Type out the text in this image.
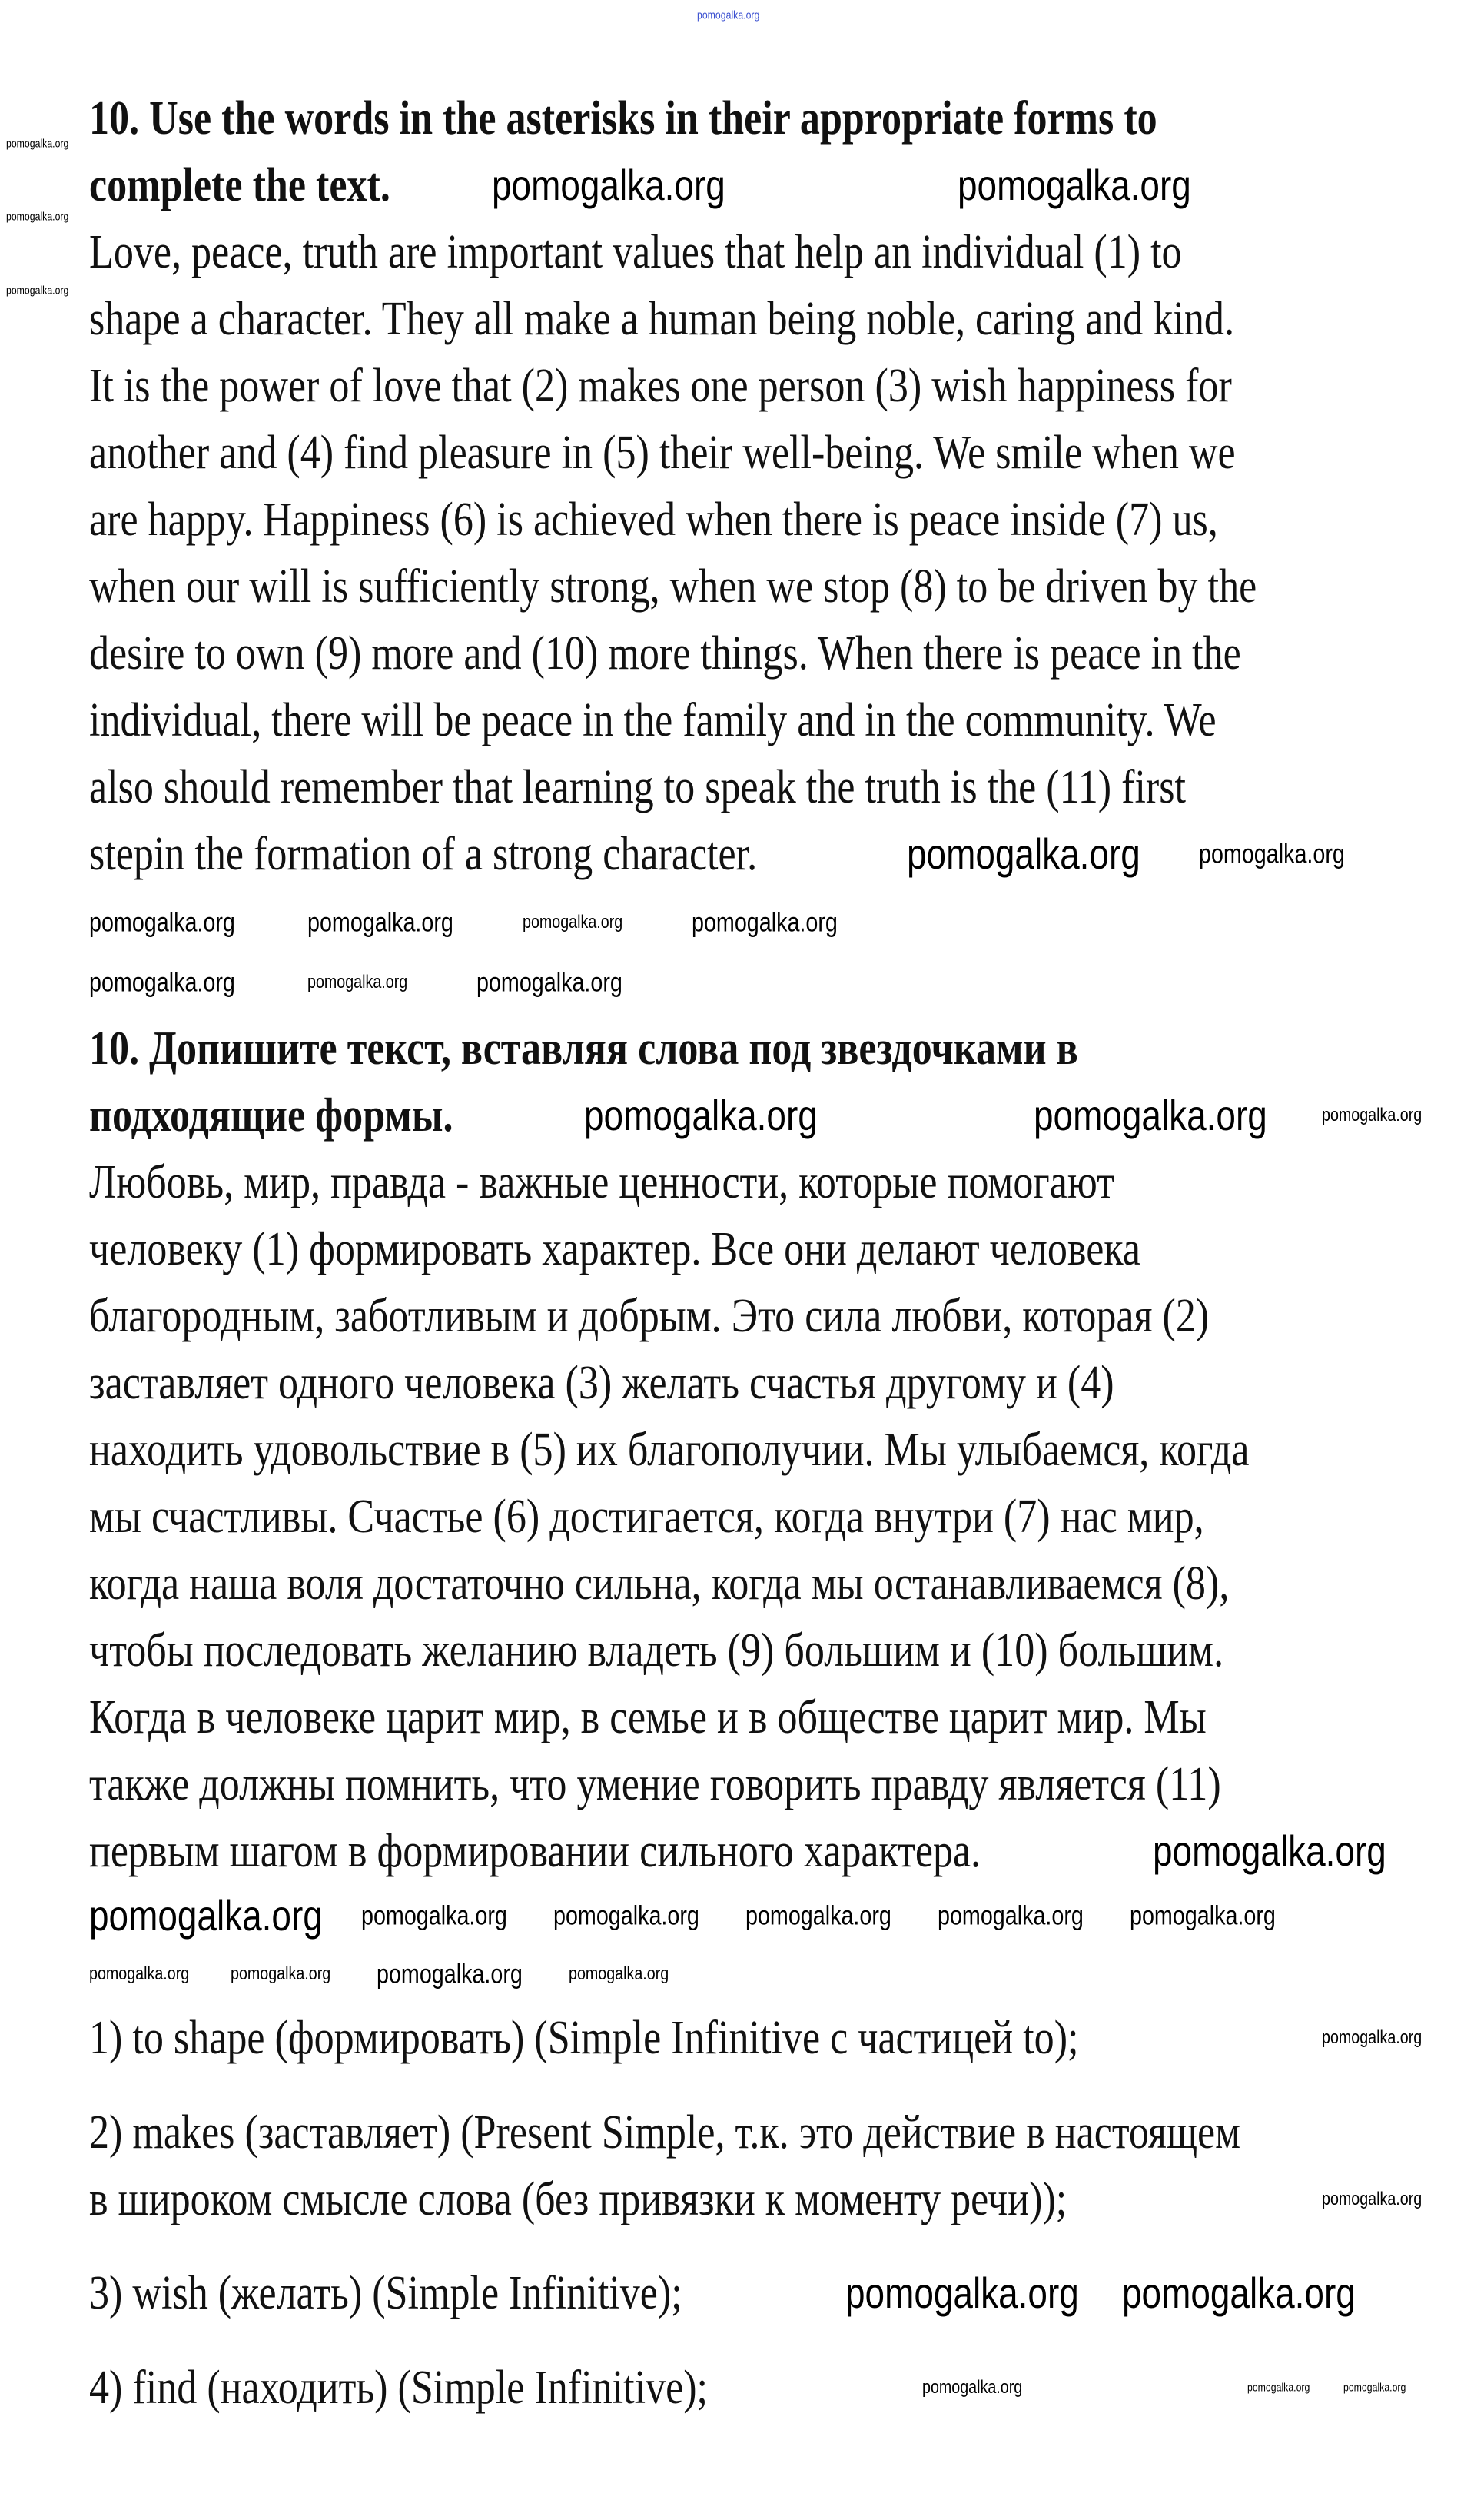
10. Use the words in the asterisks in their appropriate forms to
complete the text.
Love, peace, truth are important values that help an individual (1) to
shape a character. They all make a human being noble, caring and kind.
It is the power of love that (2) makes one person (3) wish happiness for
another and (4) find pleasure in (5) their well-being. We smile when we
are happy. Happiness (6) is achieved when there is peace inside (7) us,
when our will is sufficiently strong, when we stop (8) to be driven by the
desire to own (9) more and (10) more things. When there is peace in the
individual, there will be peace in the family and in the community. We
also should remember that learning to speak the truth is the (11) first
stepin the formation of a strong character.
10. Допишите текст, вставляя слова под звездочками в
подходящие формы.
Любовь, мир, правда - важные ценности, которые помогают
человеку (1) формировать характер. Все они делают человека
благородным, заботливым и добрым. Это сила любви, которая (2)
заставляет одного человека (3) желать счастья другому и (4)
находить удовольствие в (5) их благополучии. Мы улыбаемся, когда
мы счастливы. Счастье (6) достигается, когда внутри (7) нас мир,
когда наша воля достаточно сильна, когда мы останавливаемся (8),
чтобы последовать желанию владеть (9) большим и (10) большим.
Когда в человеке царит мир, в семье и в обществе царит мир. Мы
также должны помнить, что умение говорить правду является (11)
первым шагом в формировании сильного характера.
1) to shape (формировать) (Simple Infinitive с частицей to);
2) makes (заставляет) (Present Simple, т.к. это действие в настоящем
в широком смысле слова (без привязки к моменту речи));
3) wish (желать) (Simple Infinitive);
4) find (находить) (Simple Infinitive);
pomogalka.org
pomogalka.org
pomogalka.org
pomogalka.org
pomogalka.org	pomogalka.org
pomogalka.org pomogalka.org
pomogalka.org	pomogalka.org	pomogalka.org	pomogalka.org
pomogalka.org	pomogalka.org	pomogalka.org
pomogalka.org	pomogalka.org	pomogalka.org
pomogalka.org
pomogalka.org pomogalka.org pomogalka.org pomogalka.org pomogalka.org pomogalka.org
pomogalka.org pomogalka.org pomogalka.org	pomogalka.org
pomogalka.org
pomogalka.org
pomogalka.org pomogalka.org
pomogalka.org	pomogalka.org	pomogalka.org
